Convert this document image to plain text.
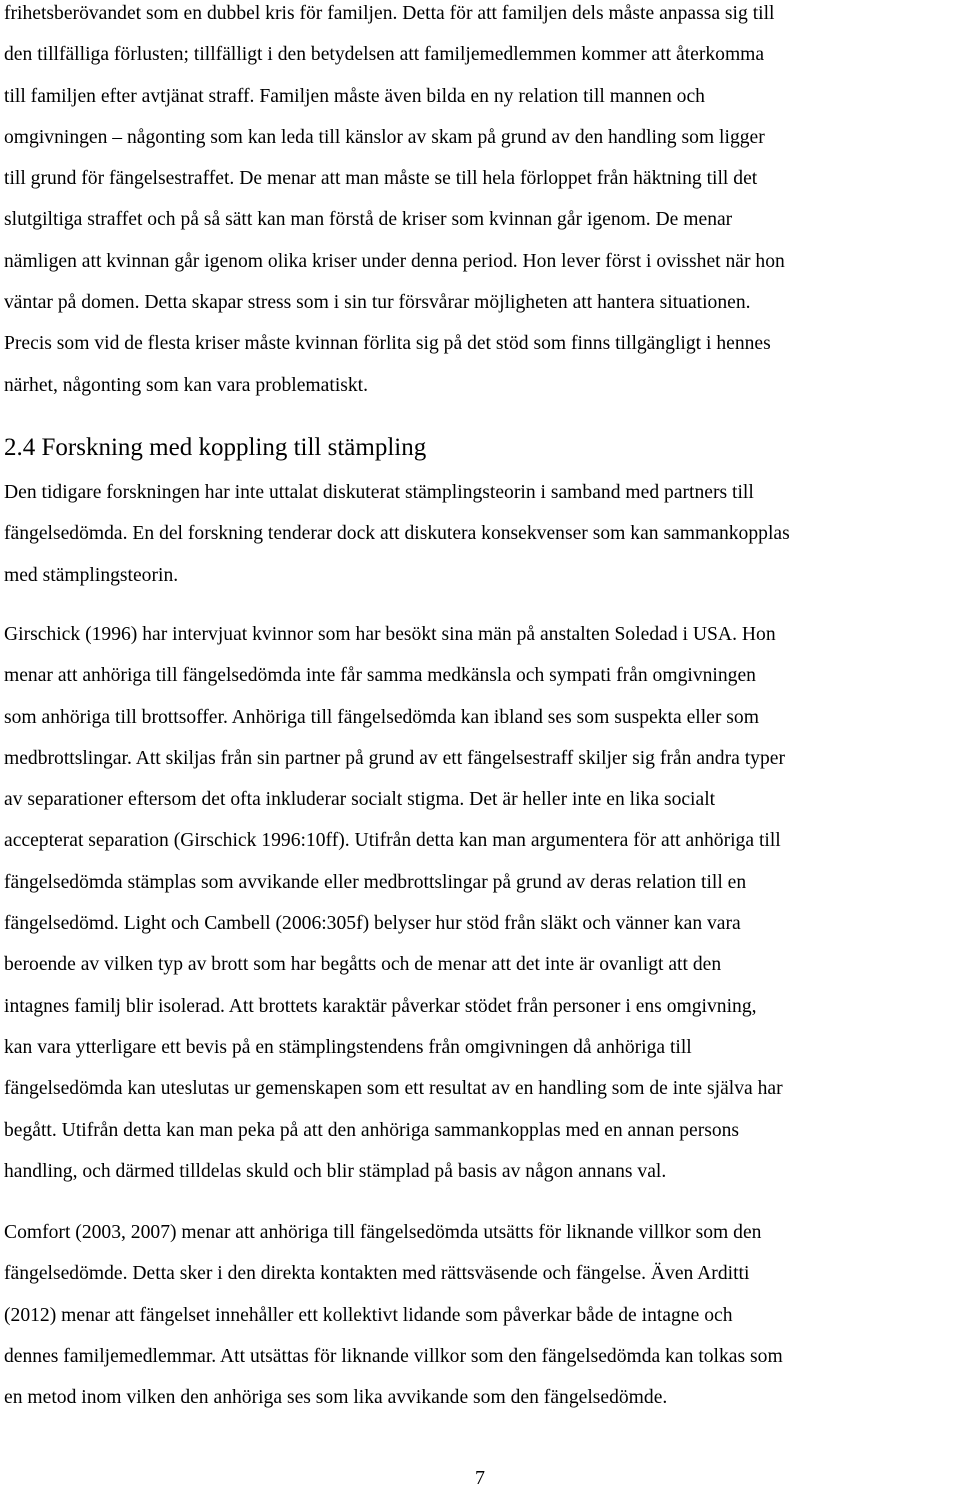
frihetsberövandet som en dubbel kris för familjen. Detta för att familjen dels måste anpassa sig till
den tillfälliga förlusten; tillfälligt i den betydelsen att familjemedlemmen kommer att återkomma
till familjen efter avtjänat straff. Familjen måste även bilda en ny relation till mannen och
omgivningen – någonting som kan leda till känslor av skam på grund av den handling som ligger
till grund för fängelsestraffet. De menar att man måste se till hela förloppet från häktning till det
slutgiltiga straffet och på så sätt kan man förstå de kriser som kvinnan går igenom. De menar
nämligen att kvinnan går igenom olika kriser under denna period. Hon lever först i ovisshet när hon
väntar på domen. Detta skapar stress som i sin tur försvårar möjligheten att hantera situationen.
Precis som vid de flesta kriser måste kvinnan förlita sig på det stöd som finns tillgängligt i hennes
närhet, någonting som kan vara problematiskt.

2.4 Forskning med koppling till stämpling

Den tidigare forskningen har inte uttalat diskuterat stämplingsteorin i samband med partners till
fängelsedömda. En del forskning tenderar dock att diskutera konsekvenser som kan sammankopplas
med stämplingsteorin.

Girschick (1996) har intervjuat kvinnor som har besökt sina män på anstalten Soledad i USA. Hon
menar att anhöriga till fängelsedömda inte får samma medkänsla och sympati från omgivningen
som anhöriga till brottsoffer. Anhöriga till fängelsedömda kan ibland ses som suspekta eller som
medbrottslingar. Att skiljas från sin partner på grund av ett fängelsestraff skiljer sig från andra typer
av separationer eftersom det ofta inkluderar socialt stigma. Det är heller inte en lika socialt
accepterat separation (Girschick 1996:10ff). Utifrån detta kan man argumentera för att anhöriga till
fängelsedömda stämplas som avvikande eller medbrottslingar på grund av deras relation till en
fängelsedömd. Light och Cambell (2006:305f) belyser hur stöd från släkt och vänner kan vara
beroende av vilken typ av brott som har begåtts och de menar att det inte är ovanligt att den
intagnes familj blir isolerad. Att brottets karaktär påverkar stödet från personer i ens omgivning,
kan vara ytterligare ett bevis på en stämplingstendens från omgivningen då anhöriga till
fängelsedömda kan uteslutas ur gemenskapen som ett resultat av en handling som de inte själva har
begått. Utifrån detta kan man peka på att den anhöriga sammankopplas med en annan persons
handling, och därmed tilldelas skuld och blir stämplad på basis av någon annans val.

Comfort (2003, 2007) menar att anhöriga till fängelsedömda utsätts för liknande villkor som den
fängelsedömde. Detta sker i den direkta kontakten med rättsväsende och fängelse. Även Arditti
(2012) menar att fängelset innehåller ett kollektivt lidande som påverkar både de intagne och
dennes familjemedlemmar. Att utsättas för liknande villkor som den fängelsedömda kan tolkas som
en metod inom vilken den anhöriga ses som lika avvikande som den fängelsedömde.

7
